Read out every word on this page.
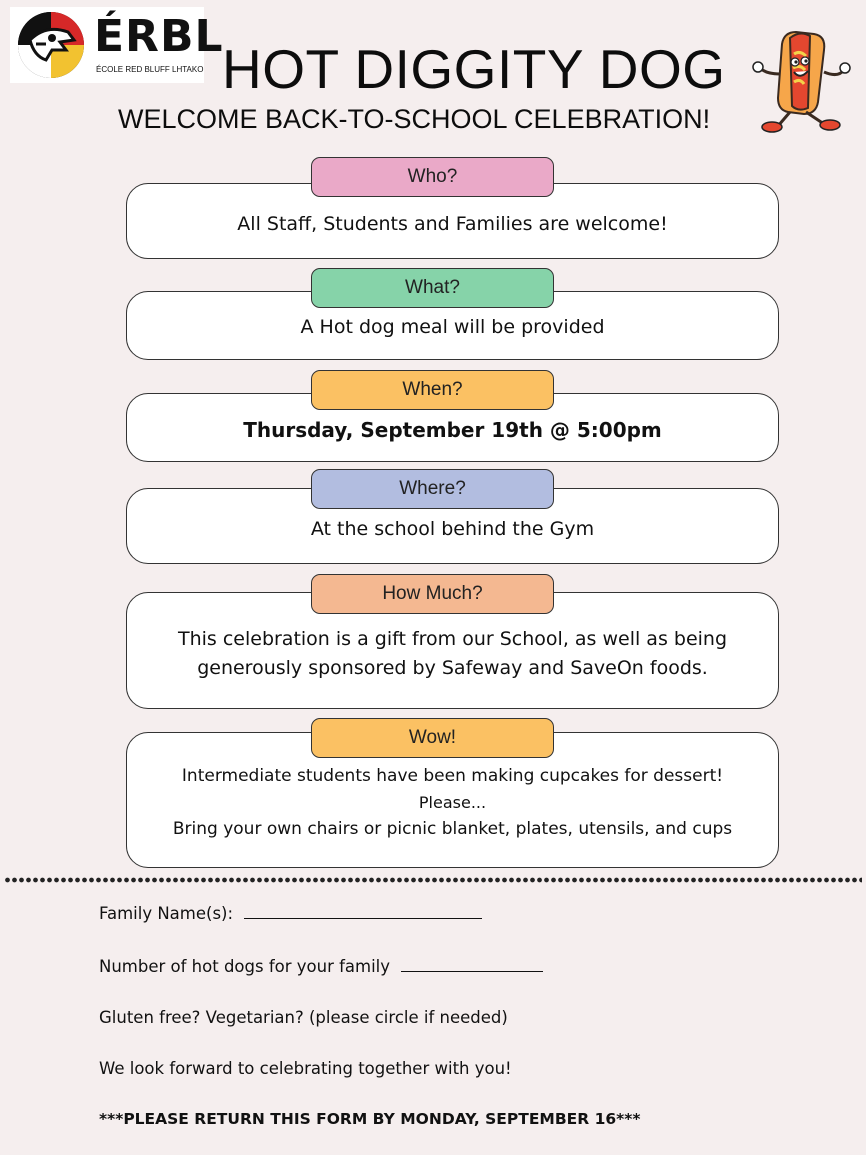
ÉRBL
ÉCOLE RED BLUFF LHTAKO HOT DIGGITY DOG
WELCOME BACK-TO-SCHOOL CELEBRATION!
All Staff, Students and Families are welcome!
Who?
A Hot dog meal will be provided
What?
Thursday, September 19th @ 5:00pm
When?
At the school behind the Gym
Where?
This celebration is a gift from our School, as well as being
generously sponsored by Safeway and SaveOn foods.
How Much?
Intermediate students have been making cupcakes for dessert!
Please...
Bring your own chairs or picnic blanket, plates, utensils, and cups
Wow!
Family Name(s):
Number of hot dogs for your family
Gluten free? Vegetarian? (please circle if needed)
We look forward to celebrating together with you!
***PLEASE RETURN THIS FORM BY MONDAY, SEPTEMBER 16***
